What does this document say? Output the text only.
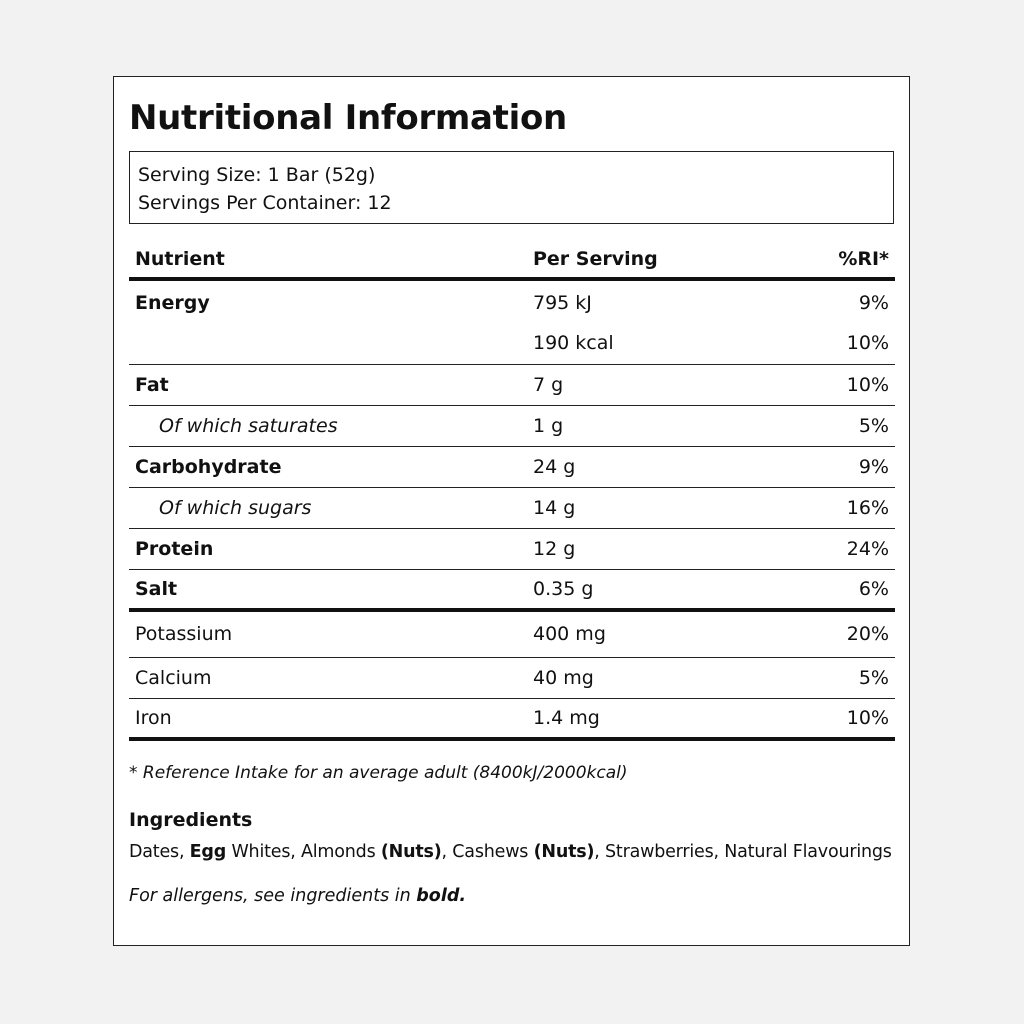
Nutritional Information
Serving Size: 1 Bar (52g)
Servings Per Container: 12
Nutrient	Per Serving	%RI*
Energy	795 kJ	9%
	190 kcal	10%
Fat	7 g	10%
Of which saturates	1 g	5%
Carbohydrate	24 g	9%
Of which sugars	14 g	16%
Protein	12 g	24%
Salt	0.35 g	6%
Potassium	400 mg	20%
Calcium	40 mg	5%
Iron	1.4 mg	10%
* Reference Intake for an average adult (8400kJ/2000kcal)
Ingredients
Dates, Egg Whites, Almonds (Nuts), Cashews (Nuts), Strawberries, Natural Flavourings
For allergens, see ingredients in bold.
